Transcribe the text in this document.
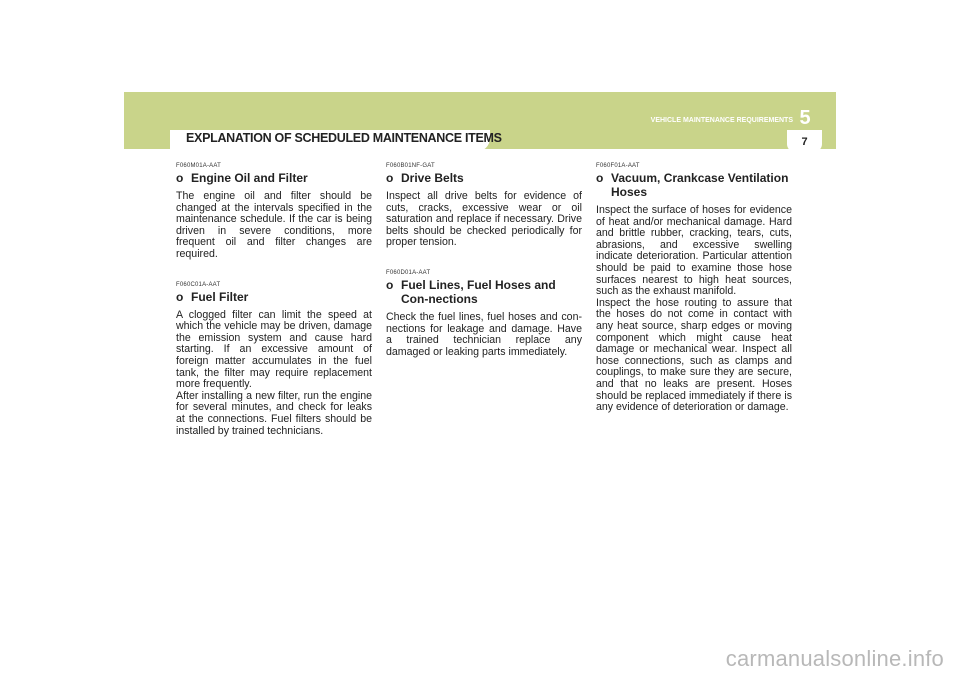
5
VEHICLE MAINTENANCE REQUIREMENTS
7
EXPLANATION OF SCHEDULED MAINTENANCE ITEMS
F060M01A-AAT
o Engine Oil and Filter

The engine oil and filter should be changed at the intervals specified in the maintenance schedule. If the car is being driven in severe conditions, more frequent oil and filter changes are required.

F060C01A-AAT
o Fuel Filter

A clogged filter can limit the speed at which the vehicle may be driven, damage the emission system and cause hard starting. If an excessive amount of foreign matter accumulates in the fuel tank, the filter may require replacement more frequently.

After installing a new filter, run the engine for several minutes, and check for leaks at the connections. Fuel filters should be installed by trained technicians.

F060B01NF-GAT
o Drive Belts

Inspect all drive belts for evidence of cuts, cracks, excessive wear or oil saturation and replace if necessary. Drive belts should be checked periodically for proper tension.

F060D01A-AAT
o Fuel Lines, Fuel Hoses and Con-nections

Check the fuel lines, fuel hoses and con-nections for leakage and damage. Have a trained technician replace any damaged or leaking parts immediately.

F060F01A-AAT
o Vacuum, Crankcase Ventilation Hoses

Inspect the surface of hoses for evidence of heat and/or mechanical damage. Hard and brittle rubber, cracking, tears, cuts, abrasions, and excessive swelling indicate deterioration. Particular attention should be paid to examine those hose surfaces nearest to high heat sources, such as the exhaust manifold.

Inspect the hose routing to assure that the hoses do not come in contact with any heat source, sharp edges or moving component which might cause heat damage or mechanical wear. Inspect all hose connections, such as clamps and couplings, to make sure they are secure, and that no leaks are present. Hoses should be replaced immediately if there is any evidence of deterioration or damage.

carmanualsonline.info
